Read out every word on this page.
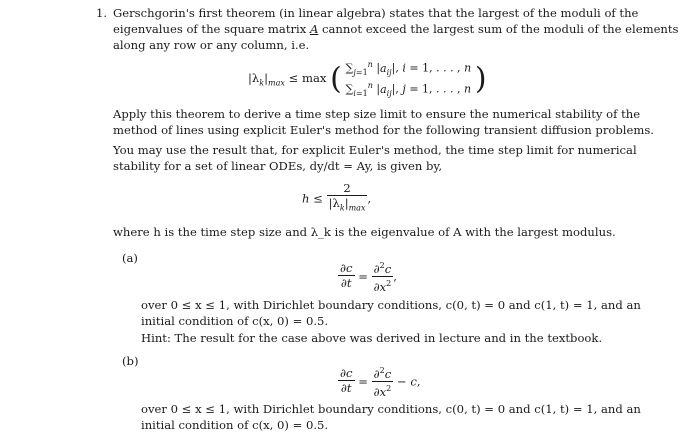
1. Gerschgorin's first theorem (in linear algebra) states that the largest of the moduli of the
eigenvalues of the square matrix A cannot exceed the largest sum of the moduli of the elements
along any row or any column, i.e.
$|\lambda_k|_{max} \le \max$ ( $\sum_{j=1}^n$ $|a_{ij}|$, i = 1, . . . , n
$\sum_{i=1}^n$ $|a_{ij}|$, j = 1, . . . , n )
Apply this theorem to derive a time step size limit to ensure the numerical stability of the
method of lines using explicit Euler's method for the following transient diffusion problems.
You may use the result that, for explicit Euler's method, the time step limit for numerical
stability for a set of linear ODEs, dy/dt = Ay, is given by,
$h \le \frac{2}{|\lambda_k|_{max}}$ ,
where h is the time step size and λ_k is the eigenvalue of A with the largest modulus.
(a)
$\frac{\partial c}{\partial t} = \frac{\partial^2c}{\partial x^2}$ ,
over 0 ≤ x ≤ 1, with Dirichlet boundary conditions, c(0, t) = 0 and c(1, t) = 1, and an
initial condition of c(x, 0) = 0.5.
Hint: The result for the case above was derived in lecture and in the textbook.
(b)
$\frac{\partial c}{\partial t} = \frac{\partial^2c}{\partial x^2} - c$,
over 0 ≤ x ≤ 1, with Dirichlet boundary conditions, c(0, t) = 0 and c(1, t) = 1, and an
initial condition of c(x, 0) = 0.5.
